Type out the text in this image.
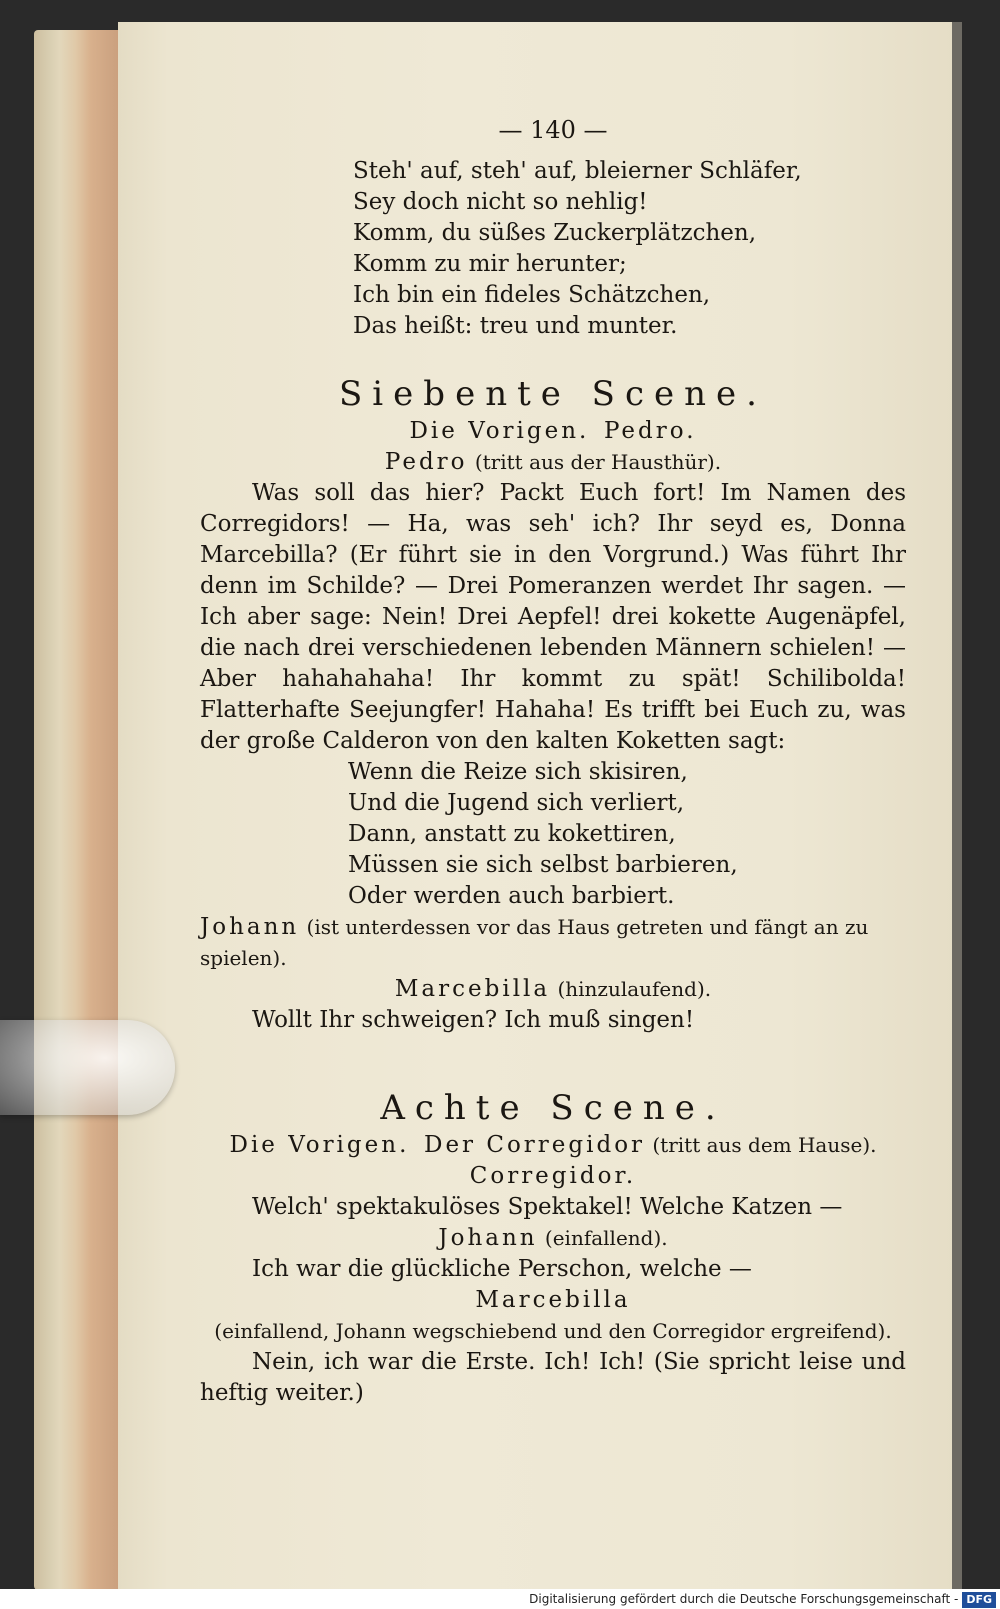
— 140 —
Steh' auf, steh' auf, bleierner Schläfer,
Sey doch nicht so nehlig!
Komm, du süßes Zuckerplätzchen,
Komm zu mir herunter;
Ich bin ein fideles Schätzchen,
Das heißt: treu und munter.
Siebente Scene.
Die Vorigen. Pedro.
Pedro (tritt aus der Hausthür).
Was soll das hier? Packt Euch fort! Im Namen des Corregidors! — Ha, was seh' ich? Ihr seyd es, Donna Marcebilla? (Er führt sie in den Vorgrund.) Was führt Ihr denn im Schilde? — Drei Pomeranzen werdet Ihr sagen. — Ich aber sage: Nein! Drei Aepfel! drei kokette Augenäpfel, die nach drei verschiedenen lebenden Männern schielen! — Aber hahahahaha! Ihr kommt zu spät! Schilibolda! Flatterhafte Seejungfer! Hahaha! Es trifft bei Euch zu, was der große Calderon von den kalten Koketten sagt:
Wenn die Reize sich skisiren,
Und die Jugend sich verliert,
Dann, anstatt zu kokettiren,
Müssen sie sich selbst barbieren,
Oder werden auch barbiert.
Johann (ist unterdessen vor das Haus getreten und fängt an zu spielen).
Marcebilla (hinzulaufend).
Wollt Ihr schweigen? Ich muß singen!
Achte Scene.
Die Vorigen. Der Corregidor (tritt aus dem Hause).
Corregidor.
Welch' spektakulöses Spektakel! Welche Katzen —
Johann (einfallend).
Ich war die glückliche Perschon, welche —
Marcebilla
(einfallend, Johann wegschiebend und den Corregidor ergreifend).
Nein, ich war die Erste. Ich! Ich! (Sie spricht leise und heftig weiter.)
Digitalisierung gefördert durch die Deutsche Forschungsgemeinschaft - DFG
